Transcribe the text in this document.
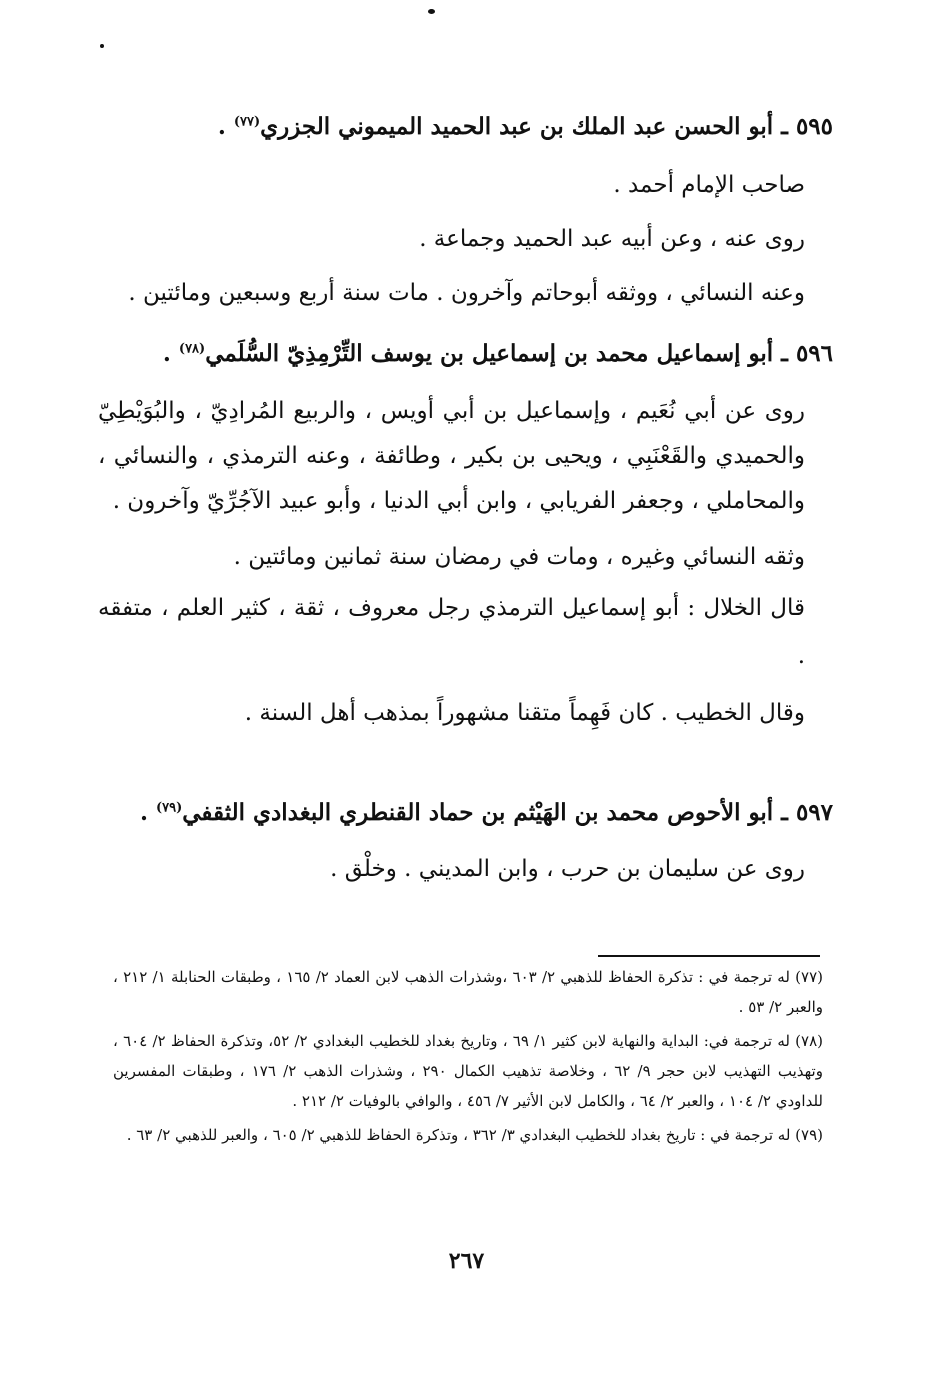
٥٩٥ ـ أبو الحسن عبد الملك بن عبد الحميد الميموني الجزري$^{(٧٧)}$ .

صاحب الإمام أحمد .

روى عنه ، وعن أبيه عبد الحميد وجماعة .

وعنه النسائي ، ووثقه أبوحاتم وآخرون . مات سنة أربع وسبعين ومائتين .

٥٩٦ ـ أبو إسماعيل محمد بن إسماعيل بن يوسف التِّرْمِذِيّ السُّلَمي$^{(٧٨)}$ .

روى عن أبي نُعَيم ، وإسماعيل بن أبي أويس ، والربيع المُرادِيّ ، والبُوَيْطِيّ والحميدي والقَعْنَبِي ، ويحيى بن بكير ، وطائفة ، وعنه الترمذي ، والنسائي ، والمحاملي ، وجعفر الفريابي ، وابن أبي الدنيا ، وأبو عبيد الآجُرِّيّ وآخرون .

وثقه النسائي وغيره ، ومات في رمضان سنة ثمانين ومائتين .

قال الخلال : أبو إسماعيل الترمذي رجل معروف ، ثقة ، كثير العلم ، متفقه .

وقال الخطيب . كان فَهِماً متقنا مشهوراً بمذهب أهل السنة .

٥٩٧ ـ أبو الأحوص محمد بن الهَيْثم بن حماد القنطري البغدادي الثقفي$^{(٧٩)}$ .

روى عن سليمان بن حرب ، وابن المديني . وخلْق .

(٧٧) له ترجمة في : تذكرة الحفاظ للذهبي ٢/ ٦٠٣ ،وشذرات الذهب لابن العماد ٢/ ١٦٥ ، وطبقات الحنابلة ١/ ٢١٢ ، والعبر ٢/ ٥٣ .

(٧٨) له ترجمة في: البداية والنهاية لابن كثير ١/ ٦٩ ، وتاريخ بغداد للخطيب البغدادي ٢/ ٥٢، وتذكرة الحفاظ ٢/ ٦٠٤ ، وتهذيب التهذيب لابن حجر ٩/ ٦٢ ، وخلاصة تذهيب الكمال ٢٩٠ ، وشذرات الذهب ٢/ ١٧٦ ، وطبقات المفسرين للداودي ٢/ ١٠٤ ، والعبر ٢/ ٦٤ ، والكامل لابن الأثير ٧/ ٤٥٦ ، والوافي بالوفيات ٢/ ٢١٢ .

(٧٩) له ترجمة في : تاريخ بغداد للخطيب البغدادي ٣/ ٣٦٢ ، وتذكرة الحفاظ للذهبي ٢/ ٦٠٥ ، والعبر للذهبي ٢/ ٦٣ .

٢٦٧
